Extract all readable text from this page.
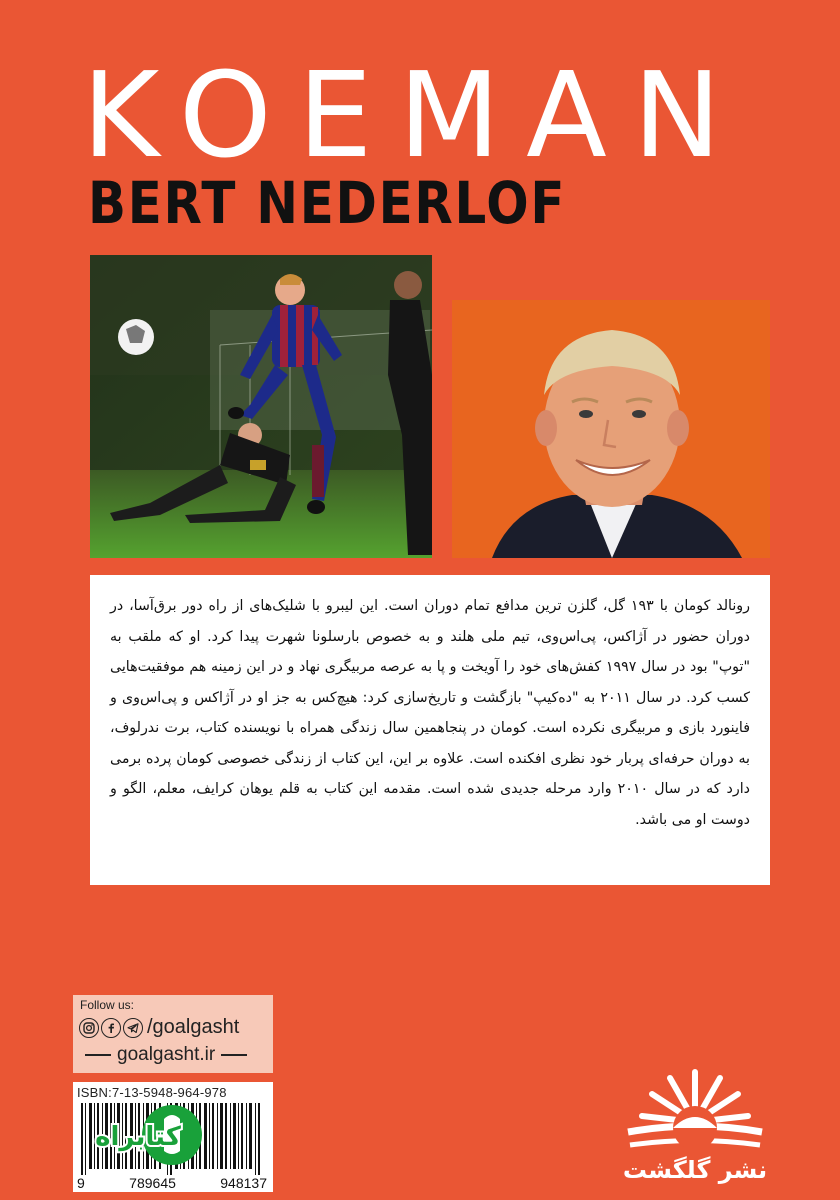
KOEMAN
BERT NEDERLOF
رونالد کومان با ۱۹۳ گل، گلزن ترین مدافع تمام دوران است. این لیبرو با شلیک‌های از راه دور برق‌آسا، در دوران حضور در آژاکس، پی‌اس‌وی، تیم ملی هلند و به خصوص بارسلونا شهرت پیدا کرد. او که ملقب به "توپ" بود در سال ۱۹۹۷ کفش‌های خود را آویخت و پا به عرصه مربیگری نهاد و در این زمینه هم موفقیت‌هایی کسب کرد. در سال ۲۰۱۱ به "ده‌کیپ" بازگشت و تاریخ‌سازی کرد: هیچ‌کس به جز او در آژاکس و پی‌اس‌وی و فاینورد بازی و مربیگری نکرده است. کومان در پنجاهمین سال زندگی همراه با نویسنده کتاب، برت ندرلوف، به دوران حرفه‌ای پربار خود نظری افکنده است. علاوه بر این، این کتاب از زندگی خصوصی کومان پرده برمی دارد که در سال ۲۰۱۰ وارد مرحله جدیدی شده است. مقدمه این کتاب به قلم یوهان کرایف، معلم، الگو و دوست او می باشد.
Follow us:
/goalgasht
goalgasht.ir
ISBN:7-13-5948-964-978
9	789645	948137
کتابراه
نشر گلگشت
